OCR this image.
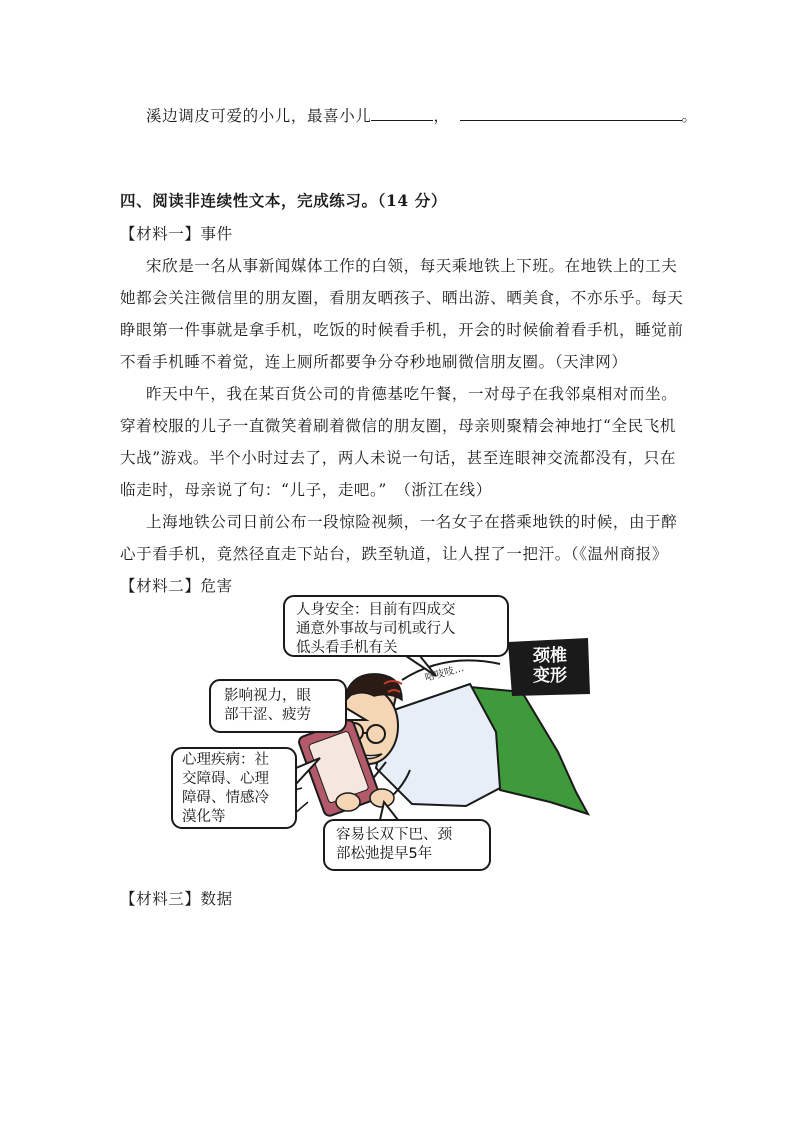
溪边调皮可爱的小儿，最喜小儿	，	。
四、阅读非连续性文本，完成练习。（14 分）
【材料一】事件
宋欣是一名从事新闻媒体工作的白领，每天乘地铁上下班。在地铁上的工夫
她都会关注微信里的朋友圈，看朋友晒孩子、晒出游、晒美食，不亦乐乎。每天
睁眼第一件事就是拿手机，吃饭的时候看手机，开会的时候偷着看手机，睡觉前
不看手机睡不着觉，连上厕所都要争分夺秒地刷微信朋友圈。（天津网）
昨天中午，我在某百货公司的肯德基吃午餐，一对母子在我邻桌相对而坐。
穿着校服的儿子一直微笑着刷着微信的朋友圈，母亲则聚精会神地打“全民飞机
大战”游戏。半个小时过去了，两人未说一句话，甚至连眼神交流都没有，只在
临走时，母亲说了句：“儿子，走吧。”　（浙江在线）
上海地铁公司日前公布一段惊险视频，一名女子在搭乘地铁的时候，由于醉
心于看手机，竟然径直走下站台，跌至轨道，让人捏了一把汗。（《温州商报》
【材料二】危害
人身安全：目前有四成交
通意外事故与司机或行人
低头看手机有关
影响视力，眼
部干涩、疲劳
心理疾病：社
交障碍、心理
障碍、情感冷
漠化等
容易长双下巴、颈
部松弛提早5年
颈椎
变形
咯吱吱…
【材料三】数据
